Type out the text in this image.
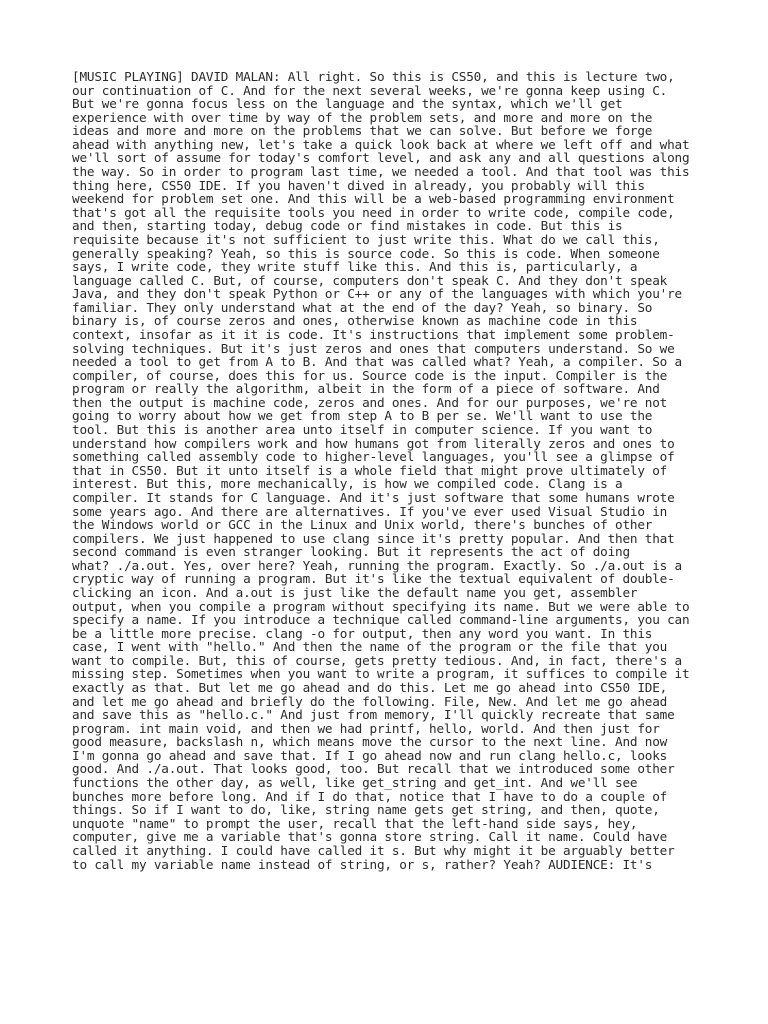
[MUSIC PLAYING] DAVID MALAN: All right. So this is CS50, and this is lecture two,
our continuation of C. And for the next several weeks, we're gonna keep using C.
But we're gonna focus less on the language and the syntax, which we'll get
experience with over time by way of the problem sets, and more and more on the
ideas and more and more on the problems that we can solve. But before we forge
ahead with anything new, let's take a quick look back at where we left off and what
we'll sort of assume for today's comfort level, and ask any and all questions along
the way. So in order to program last time, we needed a tool. And that tool was this
thing here, CS50 IDE. If you haven't dived in already, you probably will this
weekend for problem set one. And this will be a web-based programming environment
that's got all the requisite tools you need in order to write code, compile code,
and then, starting today, debug code or find mistakes in code. But this is
requisite because it's not sufficient to just write this. What do we call this,
generally speaking? Yeah, so this is source code. So this is code. When someone
says, I write code, they write stuff like this. And this is, particularly, a
language called C. But, of course, computers don't speak C. And they don't speak
Java, and they don't speak Python or C++ or any of the languages with which you're
familiar. They only understand what at the end of the day? Yeah, so binary. So
binary is, of course zeros and ones, otherwise known as machine code in this
context, insofar as it it is code. It's instructions that implement some problem-
solving techniques. But it's just zeros and ones that computers understand. So we
needed a tool to get from A to B. And that was called what? Yeah, a compiler. So a
compiler, of course, does this for us. Source code is the input. Compiler is the
program or really the algorithm, albeit in the form of a piece of software. And
then the output is machine code, zeros and ones. And for our purposes, we're not
going to worry about how we get from step A to B per se. We'll want to use the
tool. But this is another area unto itself in computer science. If you want to
understand how compilers work and how humans got from literally zeros and ones to
something called assembly code to higher-level languages, you'll see a glimpse of
that in CS50. But it unto itself is a whole field that might prove ultimately of
interest. But this, more mechanically, is how we compiled code. Clang is a
compiler. It stands for C language. And it's just software that some humans wrote
some years ago. And there are alternatives. If you've ever used Visual Studio in
the Windows world or GCC in the Linux and Unix world, there's bunches of other
compilers. We just happened to use clang since it's pretty popular. And then that
second command is even stranger looking. But it represents the act of doing
what? ./a.out. Yes, over here? Yeah, running the program. Exactly. So ./a.out is a
cryptic way of running a program. But it's like the textual equivalent of double-
clicking an icon. And a.out is just like the default name you get, assembler
output, when you compile a program without specifying its name. But we were able to
specify a name. If you introduce a technique called command-line arguments, you can
be a little more precise. clang -o for output, then any word you want. In this
case, I went with "hello." And then the name of the program or the file that you
want to compile. But, this of course, gets pretty tedious. And, in fact, there's a
missing step. Sometimes when you want to write a program, it suffices to compile it
exactly as that. But let me go ahead and do this. Let me go ahead into CS50 IDE,
and let me go ahead and briefly do the following. File, New. And let me go ahead
and save this as "hello.c." And just from memory, I'll quickly recreate that same
program. int main void, and then we had printf, hello, world. And then just for
good measure, backslash n, which means move the cursor to the next line. And now
I'm gonna go ahead and save that. If I go ahead now and run clang hello.c, looks
good. And ./a.out. That looks good, too. But recall that we introduced some other
functions the other day, as well, like get_string and get_int. And we'll see
bunches more before long. And if I do that, notice that I have to do a couple of
things. So if I want to do, like, string name gets get string, and then, quote,
unquote "name" to prompt the user, recall that the left-hand side says, hey,
computer, give me a variable that's gonna store string. Call it name. Could have
called it anything. I could have called it s. But why might it be arguably better
to call my variable name instead of string, or s, rather? Yeah? AUDIENCE: It's
